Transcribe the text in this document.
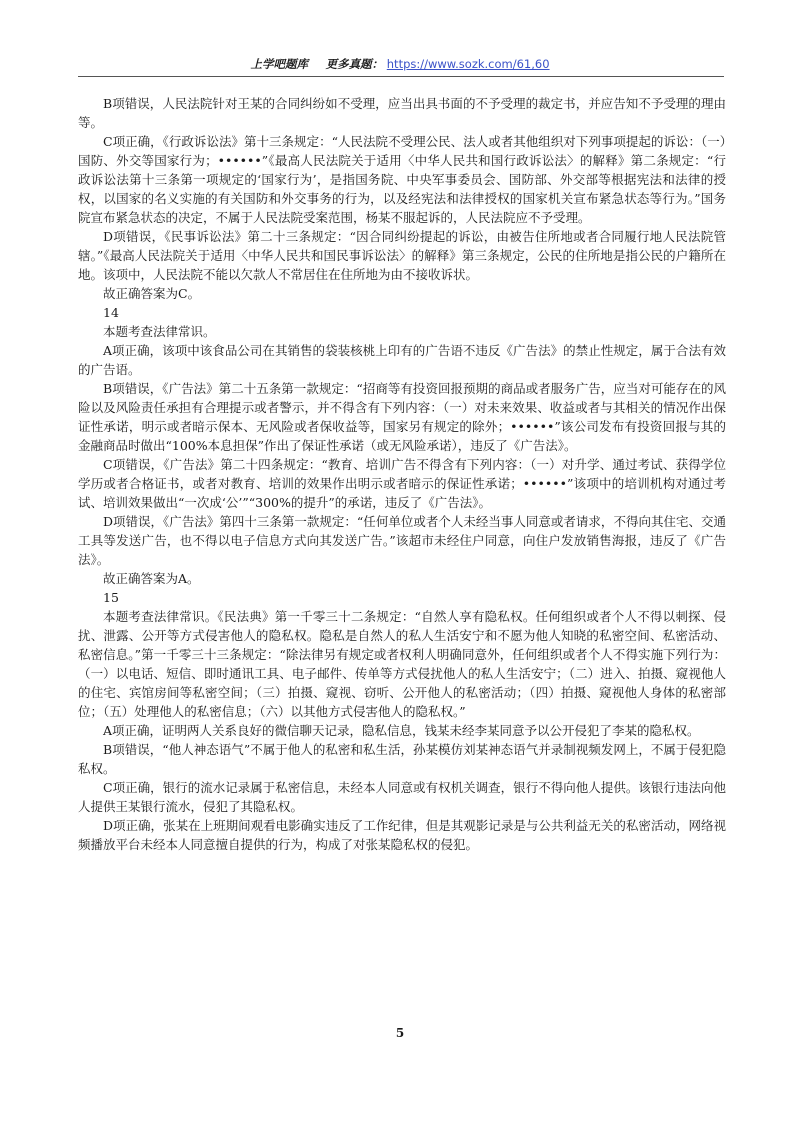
上学吧题库 更多真题： https://www.sozk.com/61,60

B项错误，人民法院针对王某的合同纠纷如不受理，应当出具书面的不予受理的裁定书，并应告知不予受理的理由等。

C项正确，《行政诉讼法》第十三条规定：“人民法院不受理公民、法人或者其他组织对下列事项提起的诉讼：（一）国防、外交等国家行为；••••••”《最高人民法院关于适用〈中华人民共和国行政诉讼法〉的解释》第二条规定：“行政诉讼法第十三条第一项规定的‘国家行为’，是指国务院、中央军事委员会、国防部、外交部等根据宪法和法律的授权，以国家的名义实施的有关国防和外交事务的行为，以及经宪法和法律授权的国家机关宣布紧急状态等行为。”国务院宣布紧急状态的决定，不属于人民法院受案范围，杨某不服起诉的，人民法院应不予受理。

D项错误，《民事诉讼法》第二十三条规定：“因合同纠纷提起的诉讼，由被告住所地或者合同履行地人民法院管辖。”《最高人民法院关于适用〈中华人民共和国民事诉讼法〉的解释》第三条规定，公民的住所地是指公民的户籍所在地。该项中，人民法院不能以欠款人不常居住在住所地为由不接收诉状。

故正确答案为C。

14

本题考查法律常识。

A项正确，该项中该食品公司在其销售的袋装核桃上印有的广告语不违反《广告法》的禁止性规定，属于合法有效的广告语。

B项错误，《广告法》第二十五条第一款规定：“招商等有投资回报预期的商品或者服务广告，应当对可能存在的风险以及风险责任承担有合理提示或者警示，并不得含有下列内容：（一）对未来效果、收益或者与其相关的情况作出保证性承诺，明示或者暗示保本、无风险或者保收益等，国家另有规定的除外；••••••”该公司发布有投资回报与其的金融商品时做出“100%本息担保”作出了保证性承诺（或无风险承诺），违反了《广告法》。

C项错误，《广告法》第二十四条规定：“教育、培训广告不得含有下列内容：（一）对升学、通过考试、获得学位学历或者合格证书，或者对教育、培训的效果作出明示或者暗示的保证性承诺；••••••”该项中的培训机构对通过考试、培训效果做出“一次成‘公’”“300%的提升”的承诺，违反了《广告法》。

D项错误，《广告法》第四十三条第一款规定：“任何单位或者个人未经当事人同意或者请求，不得向其住宅、交通工具等发送广告，也不得以电子信息方式向其发送广告。”该超市未经住户同意，向住户发放销售海报，违反了《广告法》。

故正确答案为A。

15

本题考查法律常识。《民法典》第一千零三十二条规定：“自然人享有隐私权。任何组织或者个人不得以刺探、侵扰、泄露、公开等方式侵害他人的隐私权。隐私是自然人的私人生活安宁和不愿为他人知晓的私密空间、私密活动、私密信息。”第一千零三十三条规定：“除法律另有规定或者权利人明确同意外，任何组织或者个人不得实施下列行为：（一）以电话、短信、即时通讯工具、电子邮件、传单等方式侵扰他人的私人生活安宁；（二）进入、拍摄、窥视他人的住宅、宾馆房间等私密空间；（三）拍摄、窥视、窃听、公开他人的私密活动；（四）拍摄、窥视他人身体的私密部位；（五）处理他人的私密信息；（六）以其他方式侵害他人的隐私权。”

A项正确，证明两人关系良好的微信聊天记录，隐私信息，钱某未经李某同意予以公开侵犯了李某的隐私权。

B项错误，“他人神态语气”不属于他人的私密和私生活，孙某模仿刘某神态语气并录制视频发网上，不属于侵犯隐私权。

C项正确，银行的流水记录属于私密信息，未经本人同意或有权机关调查，银行不得向他人提供。该银行违法向他人提供王某银行流水，侵犯了其隐私权。

D项正确，张某在上班期间观看电影确实违反了工作纪律，但是其观影记录是与公共利益无关的私密活动，网络视频播放平台未经本人同意擅自提供的行为，构成了对张某隐私权的侵犯。

5
